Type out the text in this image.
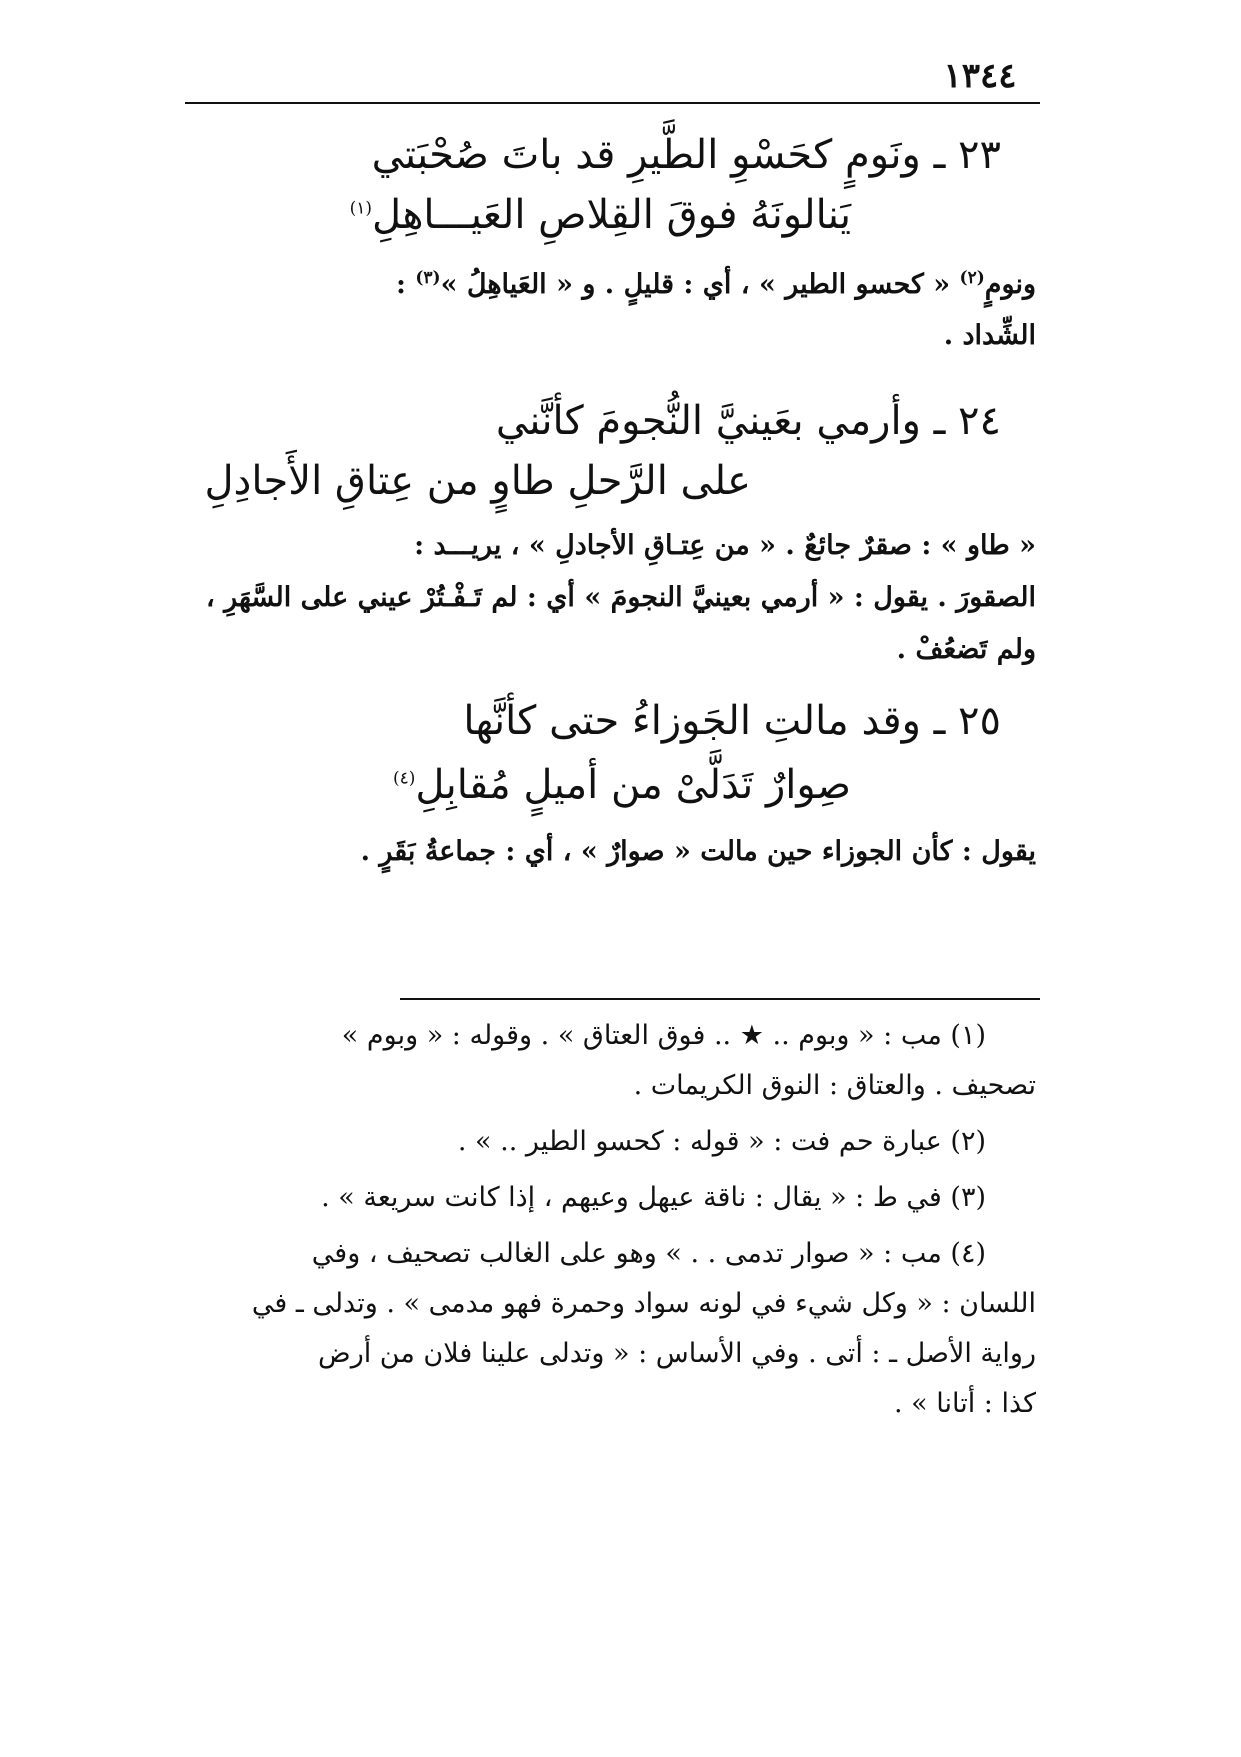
١٣٤٤
٢٣ ـ ونَومٍ كحَسْوِ الطَّيرِ قد باتَ صُحْبَتي
يَنالونَهُ فوقَ القِلاصِ العَيـــاهِلِ$^{(١)}$
ونومٍ$^{(٢)}$ « كحسو الطير » ، أي : قليلٍ . و « العَياهِلُ »$^{(٣)}$ :
الشِّداد .
٢٤ ـ وأرمي بعَينيَّ النُّجومَ كأنَّني
على الرَّحلِ طاوٍ من عِتاقِ الأَجادِلِ
« طاو » : صقرٌ جائعٌ . « من عِتـاقِ الأجادلِ » ، يريـــد :
الصقورَ . يقول : « أرمي بعينيَّ النجومَ » أي : لم تَـفْـتُرْ عيني على السَّهَرِ ،
ولم تَضعُفْ .
٢٥ ـ وقد مالتِ الجَوزاءُ حتى كأنَّها
صِوارٌ تَدَلَّىْ من أميلٍ مُقابِلِ$^{(٤)}$
يقول : كأن الجوزاء حين مالت « صوارٌ » ، أي : جماعةُ بَقَرٍ .
(١) مب : « وبوم .. ★ .. فوق العتاق » . وقوله : « وبوم »
تصحيف . والعتاق : النوق الكريمات .
(٢) عبارة حم فت : « قوله : كحسو الطير .. » .
(٣) في ط : « يقال : ناقة عيهل وعيهم ، إذا كانت سريعة » .
(٤) مب : « صوار تدمى . . » وهو على الغالب تصحيف ، وفي
اللسان : « وكل شيء في لونه سواد وحمرة فهو مدمى » . وتدلى ـ في
رواية الأصل ـ : أتى . وفي الأساس : « وتدلى علينا فلان من أرض
كذا : أتانا » .
